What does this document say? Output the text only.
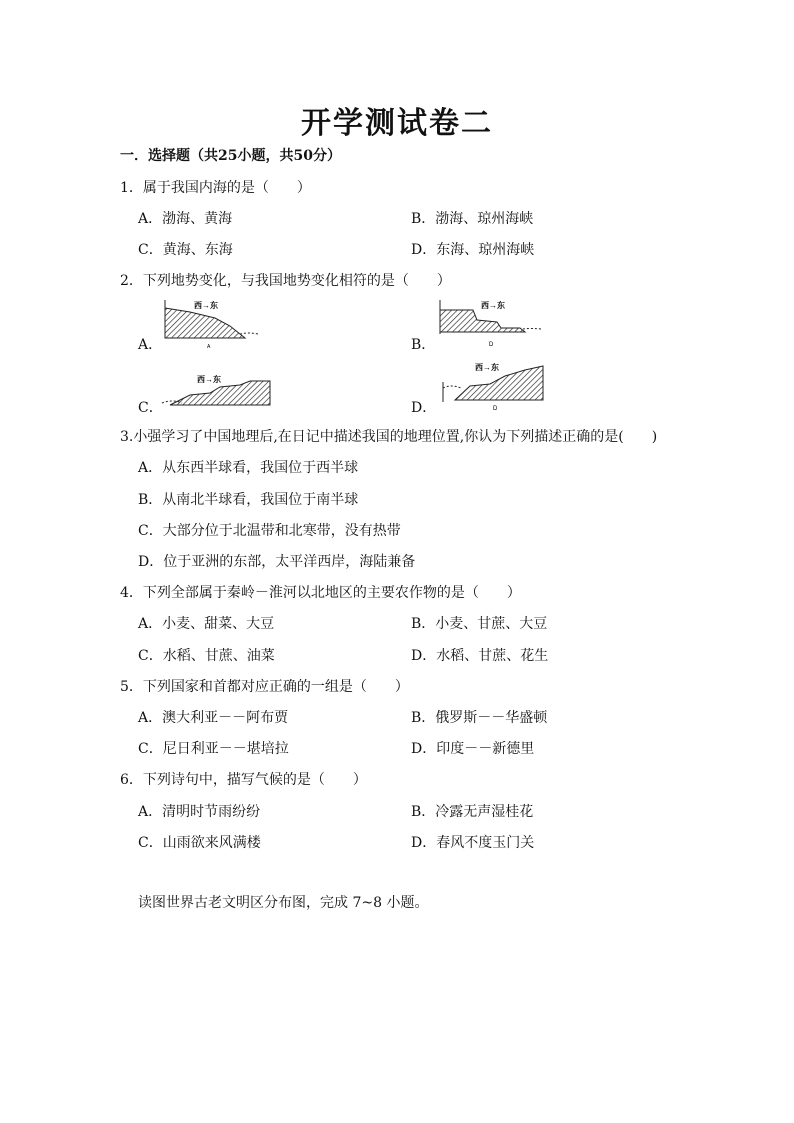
开学测试卷二
一．选择题（共25小题，共50分）
1．属于我国内海的是（　　）
A．渤海、黄海	B．渤海、琼州海峡
C．黄海、东海	D．东海、琼州海峡
2．下列地势变化，与我国地势变化相符的是（　　）
A．	B．
C．	D．
西→东
A
西→东
D
西→东
西→东
D
3.小强学习了中国地理后,在日记中描述我国的地理位置,你认为下列描述正确的是(　　)
A．从东西半球看，我国位于西半球
B．从南北半球看，我国位于南半球
C．大部分位于北温带和北寒带，没有热带
D．位于亚洲的东部，太平洋西岸，海陆兼备
4．下列全部属于秦岭－淮河以北地区的主要农作物的是（　　）
A．小麦、甜菜、大豆	B．小麦、甘蔗、大豆
C．水稻、甘蔗、油菜	D．水稻、甘蔗、花生
5．下列国家和首都对应正确的一组是（　　）
A．澳大利亚－－阿布贾	B．俄罗斯－－华盛顿
C．尼日利亚－－堪培拉	D．印度－－新德里
6．下列诗句中，描写气候的是（　　）
A．清明时节雨纷纷	B．冷露无声湿桂花
C．山雨欲来风满楼	D．春风不度玉门关
读图世界古老文明区分布图，完成 7~8 小题。
